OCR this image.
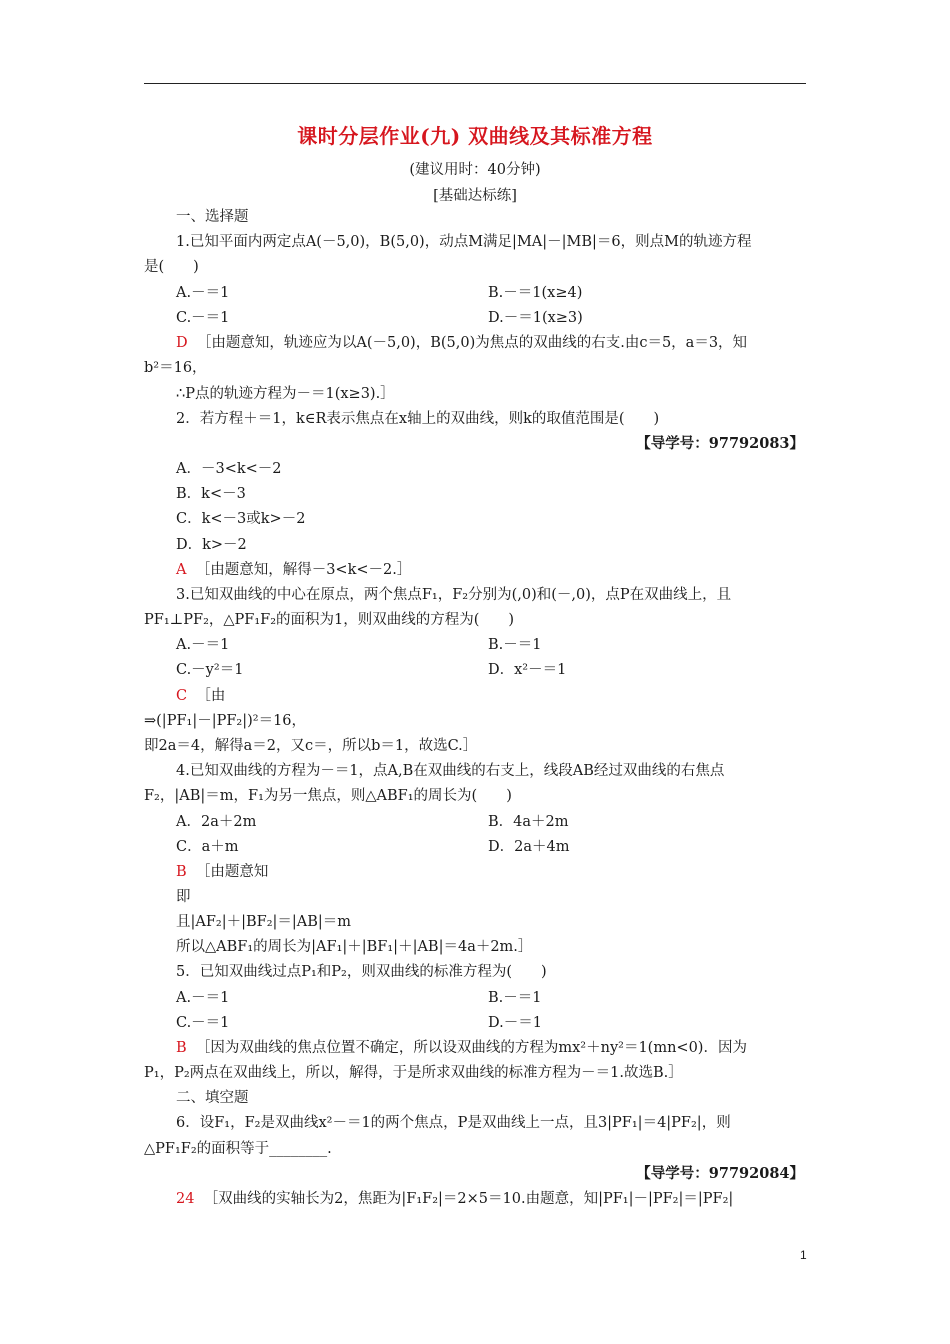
课时分层作业(九) 双曲线及其标准方程
(建议用时：40分钟)
[基础达标练]
一、选择题
1.已知平面内两定点A(－5,0)，B(5,0)，动点M满足|MA|－|MB|＝6，则点M的轨迹方程
是(　　)
A.－＝1	B.－＝1(x≥4)
C.－＝1	D.－＝1(x≥3)
D ［由题意知，轨迹应为以A(－5,0)，B(5,0)为焦点的双曲线的右支.由c＝5，a＝3，知
b²＝16，
∴P点的轨迹方程为－＝1(x≥3).］
2．若方程＋＝1，k∈R表示焦点在x轴上的双曲线，则k的取值范围是(　　)
【导学号：97792083】
A．－3<k<－2
B．k<－3
C．k<－3或k>－2
D．k>－2
A ［由题意知，解得－3<k<－2.］
3.已知双曲线的中心在原点，两个焦点F₁，F₂分别为(,0)和(－,0)，点P在双曲线上，且
PF₁⊥PF₂，△PF₁F₂的面积为1，则双曲线的方程为(　　)
A.－＝1	B.－＝1
C.－y²＝1	D．x²－＝1
C ［由
⇒(|PF₁|－|PF₂|)²＝16，
即2a＝4，解得a＝2，又c＝，所以b＝1，故选C.］
4.已知双曲线的方程为－＝1，点A,B在双曲线的右支上，线段AB经过双曲线的右焦点
F₂，|AB|＝m，F₁为另一焦点，则△ABF₁的周长为(　　)
A．2a＋2m	B．4a＋2m
C．a＋m	D．2a＋4m
B ［由题意知
即
且|AF₂|＋|BF₂|＝|AB|＝m
所以△ABF₁的周长为|AF₁|＋|BF₁|＋|AB|＝4a＋2m.］
5．已知双曲线过点P₁和P₂，则双曲线的标准方程为(　　)
A.－＝1	B.－＝1
C.－＝1	D.－＝1
B ［因为双曲线的焦点位置不确定，所以设双曲线的方程为mx²＋ny²＝1(mn<0)．因为
P₁，P₂两点在双曲线上，所以，解得，于是所求双曲线的标准方程为－＝1.故选B.］
二、填空题
6．设F₁，F₂是双曲线x²－＝1的两个焦点，P是双曲线上一点，且3|PF₁|＝4|PF₂|，则
△PF₁F₂的面积等于________.
【导学号：97792084】
24 ［双曲线的实轴长为2，焦距为|F₁F₂|＝2×5＝10.由题意，知|PF₁|－|PF₂|＝|PF₂|
1
